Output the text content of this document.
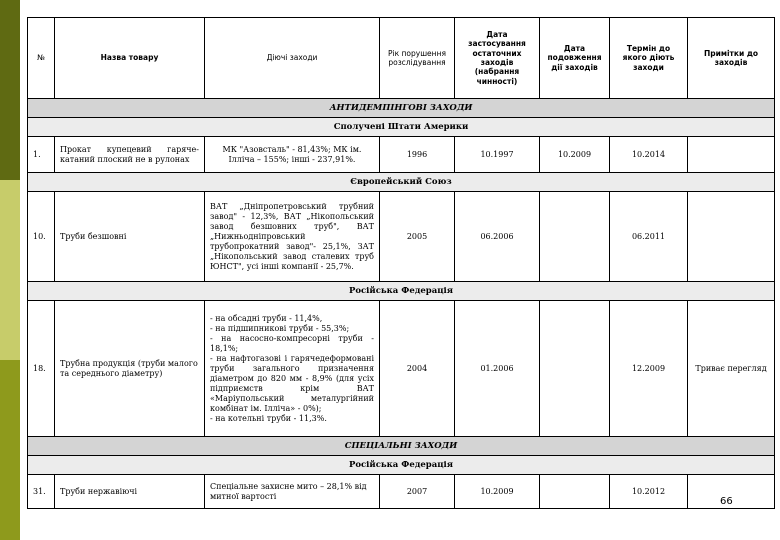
№	Назва товару	Діючі заходи	Рік порушення розслідування	Дата застосування остаточних заходів (набрання чинності)	Дата подовження дії заходів	Термін до якого діють заходи	Примітки до заходів
АНТИДЕМПІНГОВІ ЗАХОДИ							
Сполучені Штати Америки							
1.	Прокат купецевий гаряче-катаний плоский не в рулонах	МК "Азовсталь" - 81,43%; МК ім. Ілліча – 155%; інші - 237,91%.	1996	10.1997	10.2009	10.2014	
Європейський Союз							
10.	Труби безшовні	ВАТ „Дніпропетровський трубний завод" - 12,3%, ВАТ „Нікопольський завод безшовних труб", ВАТ „Нижньодніпровський трубопрокатний завод"- 25,1%, ЗАТ „Нікопольський завод сталевих труб ЮНСТ", усі інші компанії - 25,7%.	2005	06.2006		06.2011	
Російська Федерація							
18.	Трубна продукція (труби малого та середнього діаметру)	- на обсадні труби - 11,4%,
- на підшипникові труби - 55,3%;
- на насосно-компресорні труби - 18,1%;
- на нафтогазові і гарячедеформовані труби загального призначення діаметром до 820 мм - 8,9% (для усіх підприємств крім ВАТ «Маріупольський металургійний комбінат ім. Ілліча» - 0%);
- на котельні труби - 11,3%.	2004	01.2006		12.2009	Триває перегляд
СПЕЦІАЛЬНІ ЗАХОДИ							
Російська Федерація							
31.	Труби нержавіючі	Спеціальне захисне мито – 28,1% від митної вартості	2007	10.2009		10.2012	
66
